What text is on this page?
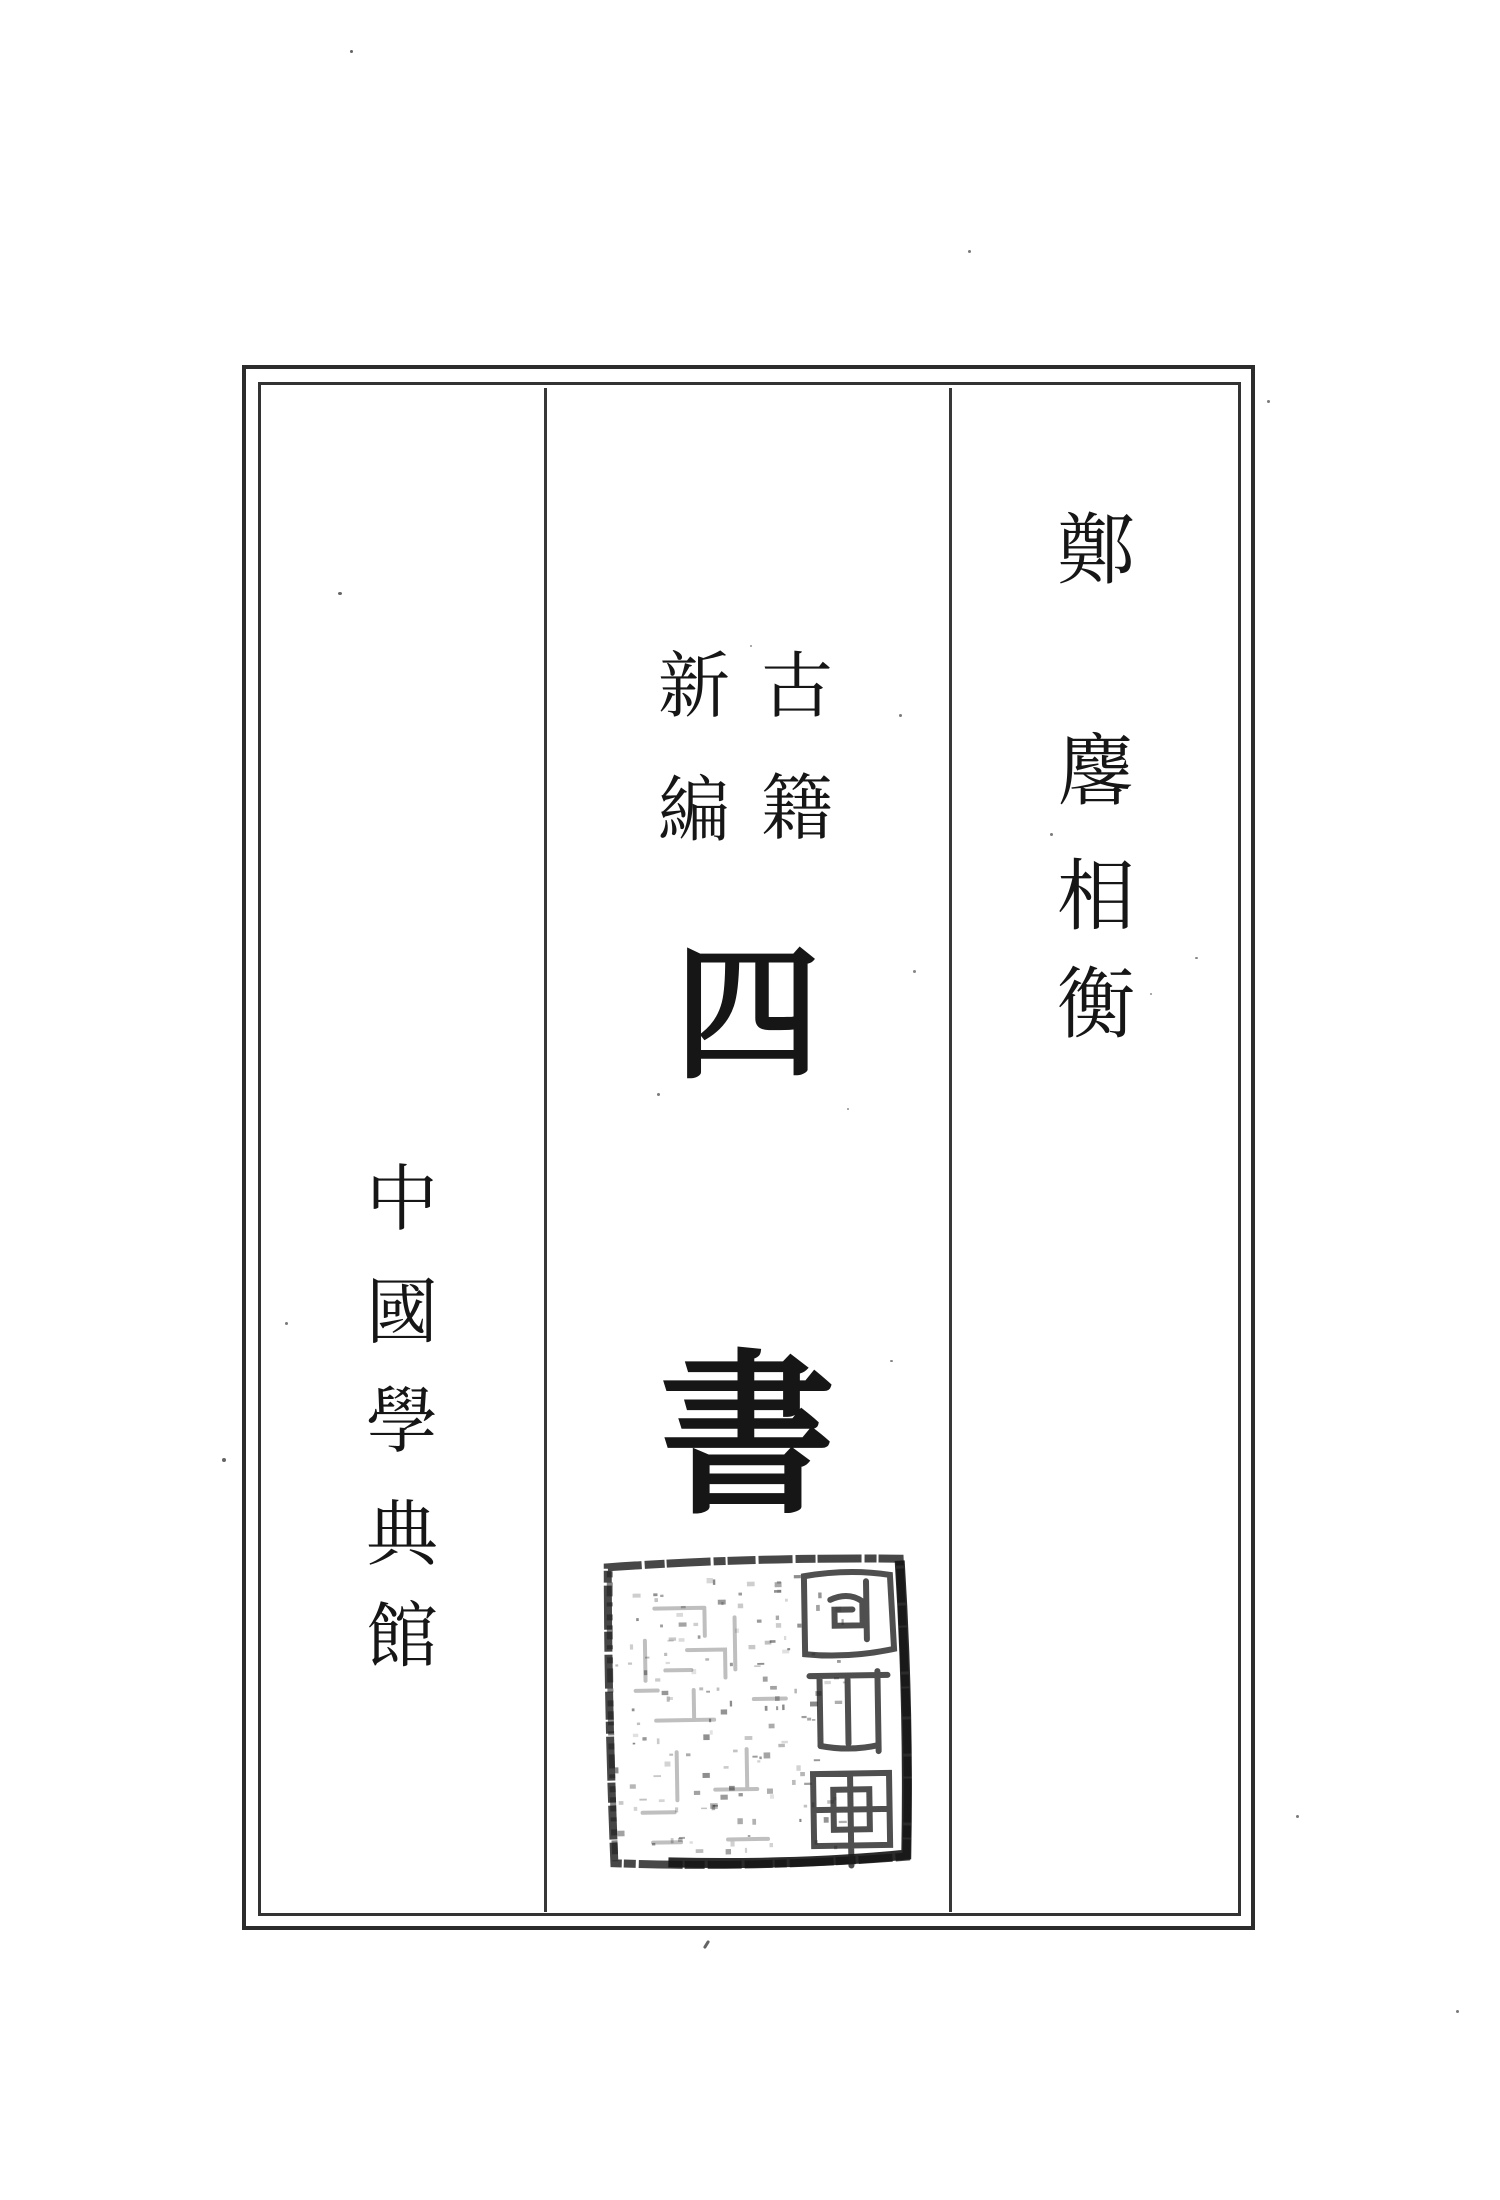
鄭
麐
相
衡
古
籍
新
編
四
書
中
國
學
典
館
